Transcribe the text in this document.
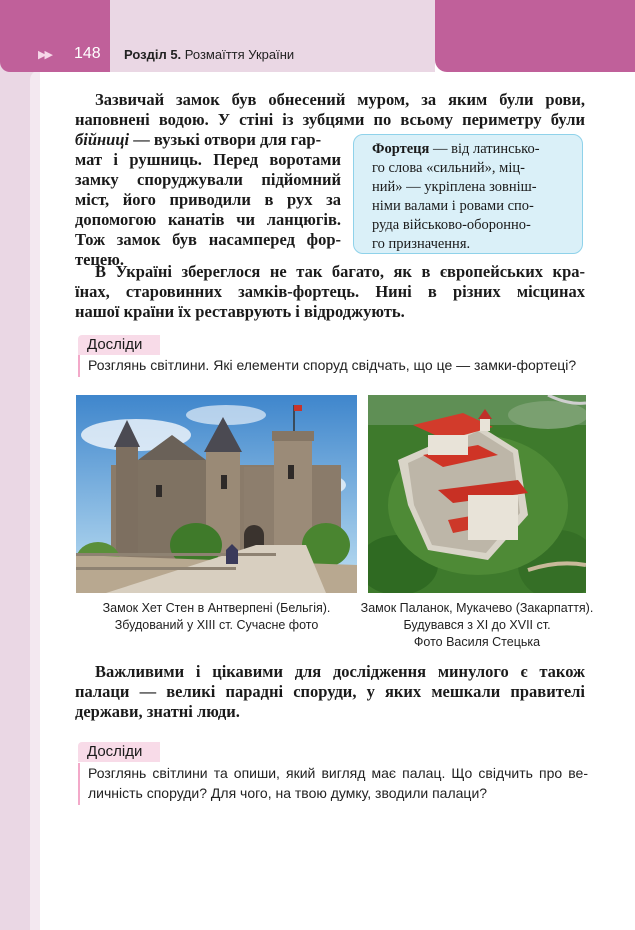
▶▶ 148 Розділ 5. Розмаїття України
Зазвичай замок був обнесений муром, за яким були рови,
наповнені водою. У стіні із зубцями по всьому периметру були
бійниці — вузькі отвори для гар-
мат і рушниць. Перед воротами
замку споруджували підйомний
міст, його приводили в рух за
допомогою канатів чи ланцюгів.
Тож замок був насамперед фор-
тецею.
Фортеця — від латинсько-
го слова «сильний», міц-
ний» — укріплена зовніш-
німи валами і ровами спо-
руда військово-оборонно-
го призначення.
В Україні збереглося не так багато, як в європейських кра-
їнах, старовинних замків-фортець. Нині в різних місцинах
нашої країни їх реставрують і відроджують.
Досліди
Розглянь світлини. Які елементи споруд свідчать, що це — замки-фортеці?
Замок Хет Стен в Антверпені (Бельгія).
Збудований у XIII ст. Сучасне фото
Замок Паланок, Мукачево (Закарпаття).
Будувався з XI до XVII ст.
Фото Василя Стецька
Важливими і цікавими для дослідження минулого є також
палаци — великі парадні споруди, у яких мешкали правителі
держави, знатні люди.
Досліди
Розглянь світлини та опиши, який вигляд має палац. Що свідчить про ве-
личність споруди? Для чого, на твою думку, зводили палаци?
